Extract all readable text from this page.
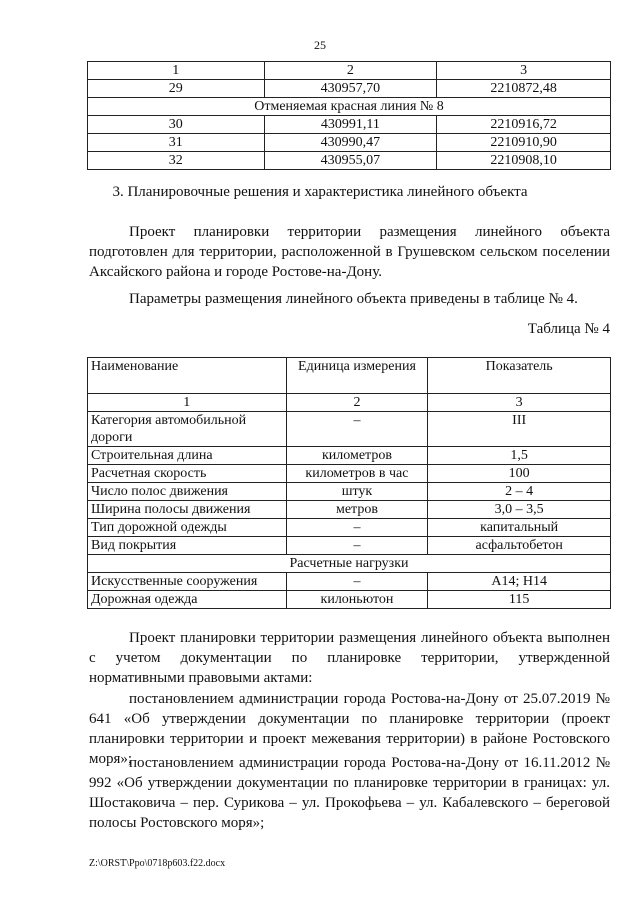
25
1	2	3
29	430957,70	2210872,48
Отменяемая красная линия № 8		
30	430991,11	2210916,72
31	430990,47	2210910,90
32	430955,07	2210908,10
3. Планировочные решения и характеристика линейного объекта
Проект планировки территории размещения линейного объекта подготовлен для территории, расположенной в Грушевском сельском поселении Аксайского района и городе Ростове-на-Дону.
Параметры размещения линейного объекта приведены в таблице № 4.
Таблица № 4
Наименование	Единица измерения	Показатель
1	2	3
Категория автомобильной дороги	–	III
Строительная длина	километров	1,5
Расчетная скорость	километров в час	100
Число полос движения	штук	2 – 4
Ширина полосы движения	метров	3,0 – 3,5
Тип дорожной одежды	–	капитальный
Вид покрытия	–	асфальтобетон
Расчетные нагрузки		
Искусственные сооружения	–	А14; Н14
Дорожная одежда	килоньютон	115
Проект планировки территории размещения линейного объекта выполнен с учетом документации по планировке территории, утвержденной нормативными правовыми актами:
постановлением администрации города Ростова-на-Дону от 25.07.2019 № 641 «Об утверждении документации по планировке территории (проект планировки территории и проект межевания территории) в районе Ростовского моря»;
постановлением администрации города Ростова-на-Дону от 16.11.2012 № 992 «Об утверждении документации по планировке территории в границах: ул. Шостаковича – пер. Сурикова – ул. Прокофьева – ул. Кабалевского – береговой полосы Ростовского моря»;
Z:\ORST\Ppo\0718p603.f22.docx
